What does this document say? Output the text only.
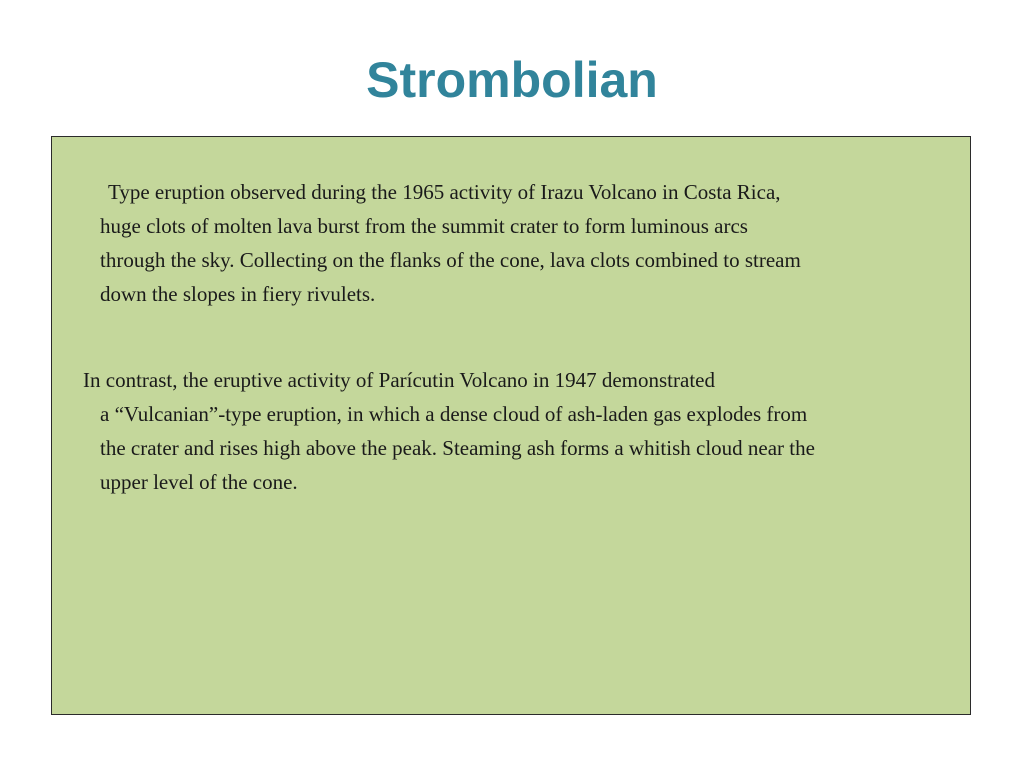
Strombolian

Type eruption observed during the 1965 activity of Irazu Volcano in Costa Rica,
huge clots of molten lava burst from the summit crater to form luminous arcs
through the sky. Collecting on the flanks of the cone, lava clots combined to stream
down the slopes in fiery rivulets.

In contrast, the eruptive activity of Parícutin Volcano in 1947 demonstrated
a “Vulcanian”-type eruption, in which a dense cloud of ash-laden gas explodes from
the crater and rises high above the peak. Steaming ash forms a whitish cloud near the
upper level of the cone.
